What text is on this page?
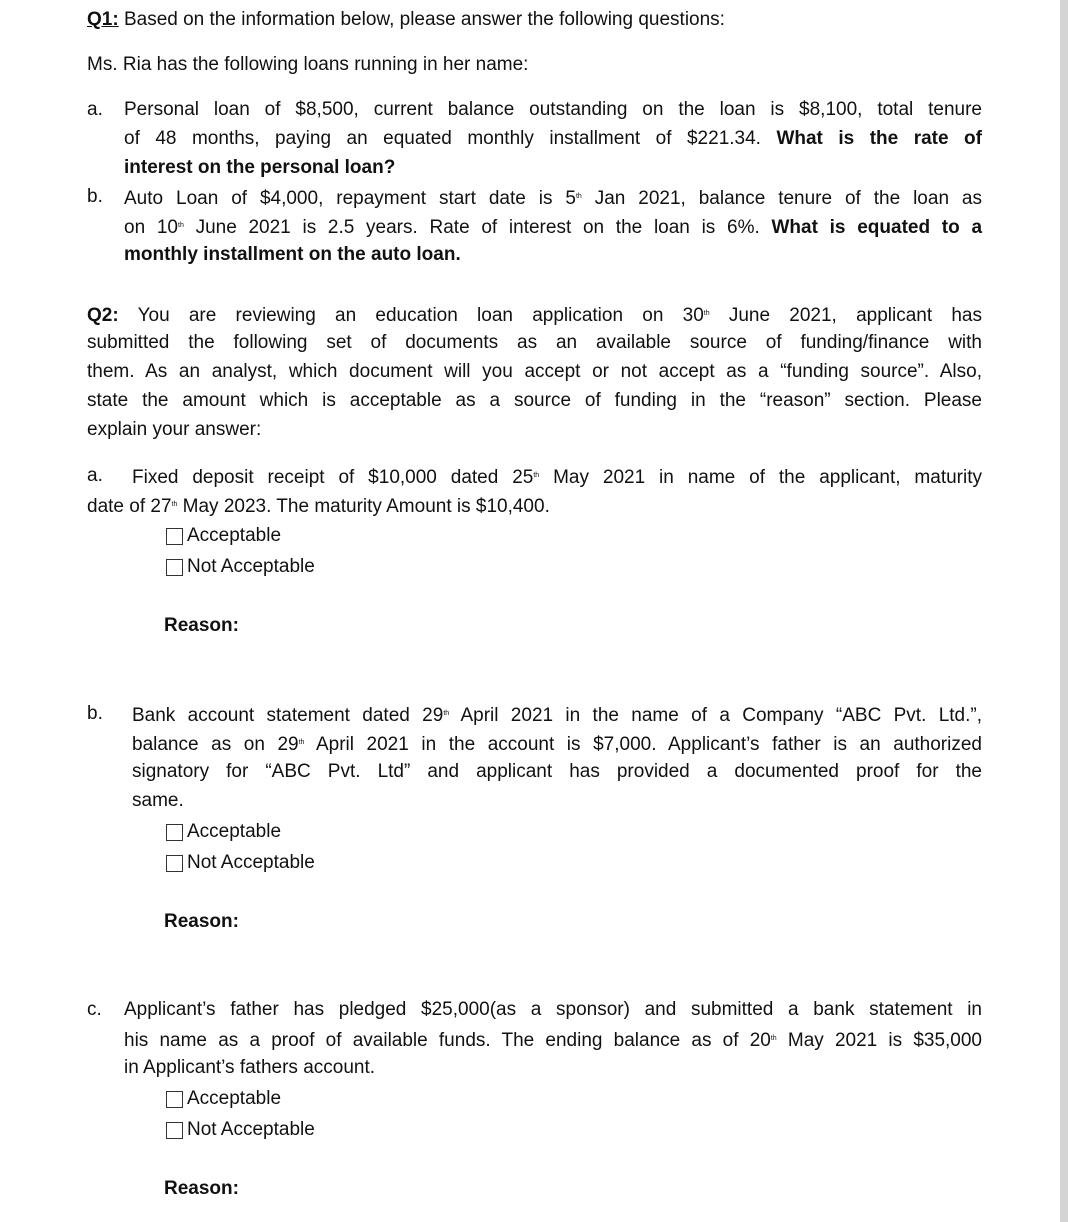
Q1: Based on the information below, please answer the following questions:
Ms. Ria has the following loans running in her name:
a. Personal loan of $8,500, current balance outstanding on the loan is $8,100, total tenure
of 48 months, paying an equated monthly installment of $221.34. What is the rate of
interest on the personal loan?
b. Auto Loan of $4,000, repayment start date is 5th Jan 2021, balance tenure of the loan as
on 10th June 2021 is 2.5 years. Rate of interest on the loan is 6%. What is equated to a
monthly installment on the auto loan.
Q2: You are reviewing an education loan application on 30th June 2021, applicant has
submitted the following set of documents as an available source of funding/finance with
them. As an analyst, which document will you accept or not accept as a “funding source”. Also,
state the amount which is acceptable as a source of funding in the “reason” section. Please
explain your answer:
a. Fixed deposit receipt of $10,000 dated 25th May 2021 in name of the applicant, maturity
date of 27th May 2023. The maturity Amount is $10,400.
Reason:
b. Bank account statement dated 29th April 2021 in the name of a Company “ABC Pvt. Ltd.”,
balance as on 29th April 2021 in the account is $7,000. Applicant’s father is an authorized
signatory for “ABC Pvt. Ltd” and applicant has provided a documented proof for the
same.
Reason:
c. Applicant’s father has pledged $25,000(as a sponsor) and submitted a bank statement in
his name as a proof of available funds. The ending balance as of 20th May 2021 is $35,000
in Applicant’s fathers account.
Reason:
Acceptable
Not Acceptable
Acceptable
Not Acceptable
Acceptable
Not Acceptable
